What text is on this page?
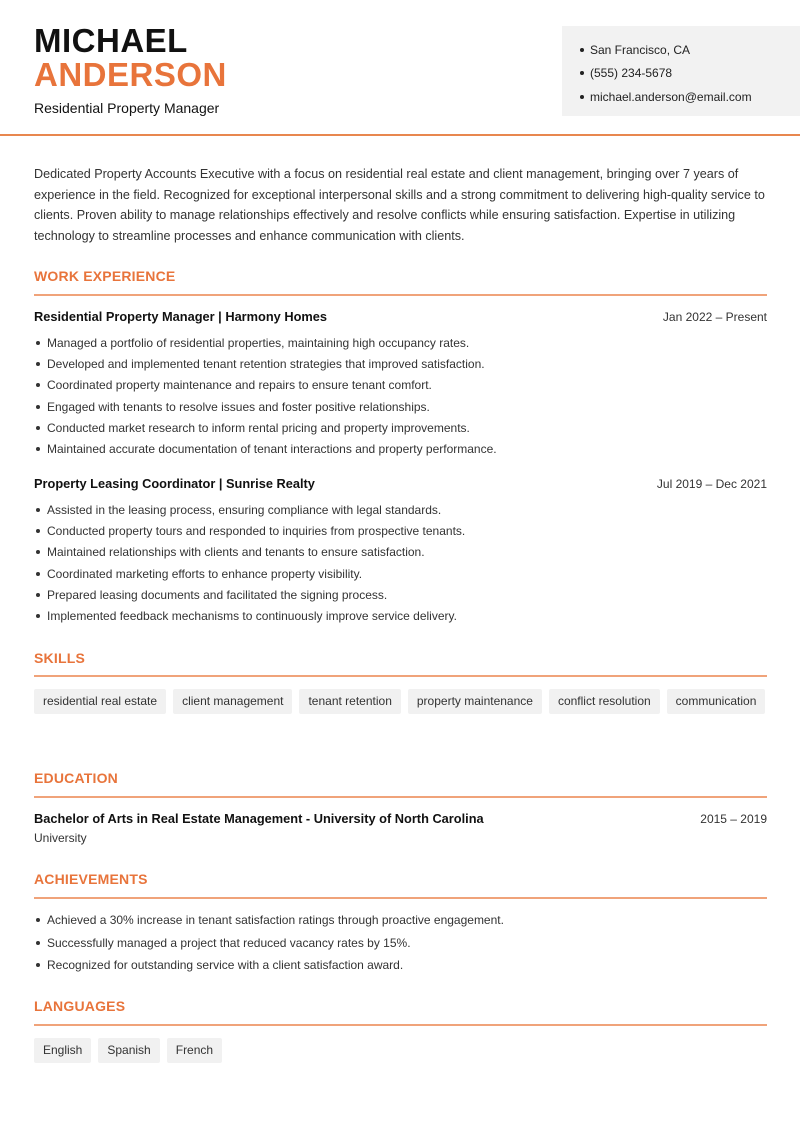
MICHAEL
ANDERSON
Residential Property Manager
San Francisco, CA
(555) 234-5678
michael.anderson@email.com
Dedicated Property Accounts Executive with a focus on residential real estate and client management, bringing over 7 years of experience in the field. Recognized for exceptional interpersonal skills and a strong commitment to delivering high-quality service to clients. Proven ability to manage relationships effectively and resolve conflicts while ensuring satisfaction. Expertise in utilizing technology to streamline processes and enhance communication with clients.
WORK EXPERIENCE
Residential Property Manager | Harmony Homes	Jan 2022 – Present
Managed a portfolio of residential properties, maintaining high occupancy rates.
Developed and implemented tenant retention strategies that improved satisfaction.
Coordinated property maintenance and repairs to ensure tenant comfort.
Engaged with tenants to resolve issues and foster positive relationships.
Conducted market research to inform rental pricing and property improvements.
Maintained accurate documentation of tenant interactions and property performance.
Property Leasing Coordinator | Sunrise Realty	Jul 2019 – Dec 2021
Assisted in the leasing process, ensuring compliance with legal standards.
Conducted property tours and responded to inquiries from prospective tenants.
Maintained relationships with clients and tenants to ensure satisfaction.
Coordinated marketing efforts to enhance property visibility.
Prepared leasing documents and facilitated the signing process.
Implemented feedback mechanisms to continuously improve service delivery.
SKILLS
residential real estate	client management	tenant retention	property maintenance	conflict resolution	communication
EDUCATION
Bachelor of Arts in Real Estate Management - University of North Carolina	2015 – 2019
University
ACHIEVEMENTS
Achieved a 30% increase in tenant satisfaction ratings through proactive engagement.
Successfully managed a project that reduced vacancy rates by 15%.
Recognized for outstanding service with a client satisfaction award.
LANGUAGES
English	Spanish	French
